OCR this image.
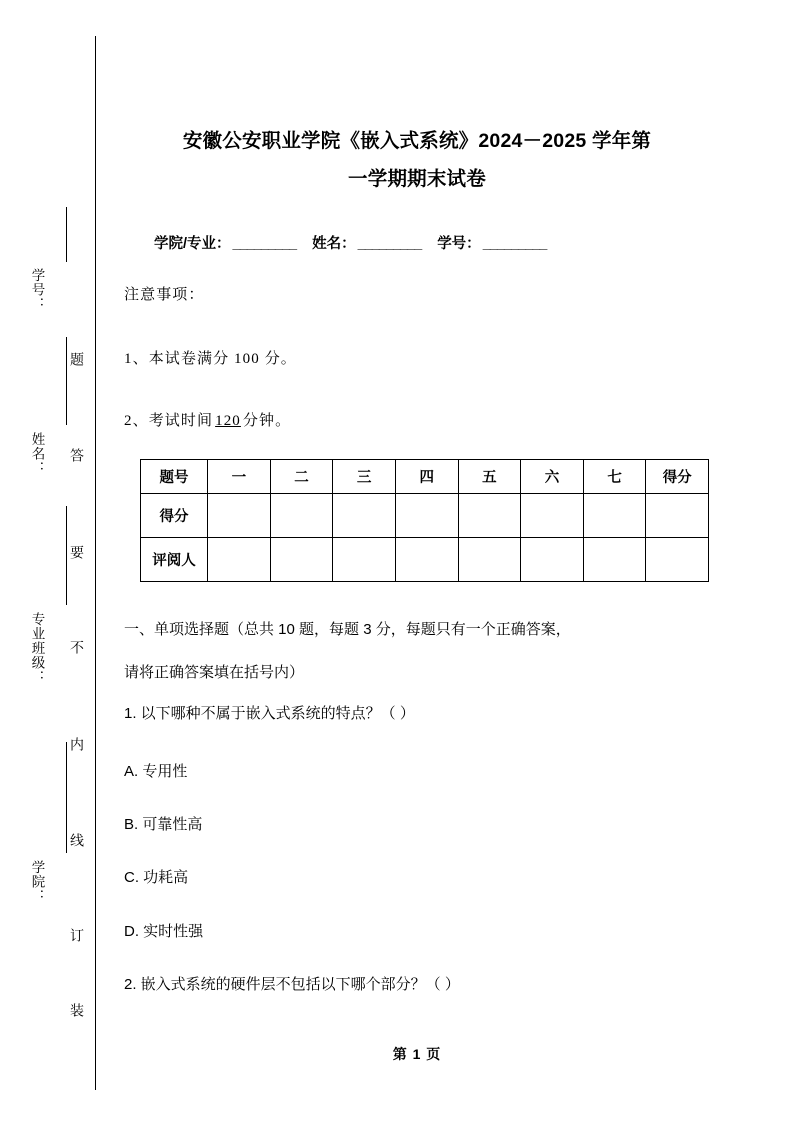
学号：
姓名：
专业班级：
学院：
题
答
要
不
内
线
订
装
安徽公安职业学院《嵌入式系统》2024－2025 学年第
一学期期末试卷
学院/专业： _________ 姓名： _________ 学号： _________
注意事项：
1、本试卷满分 100 分。
2、考试时间 120 分钟。
题号	一	二	三	四	五	六	七	得分
得分								
评阅人								
一、单项选择题（总共 10 题，每题 3 分，每题只有一个正确答案，
请将正确答案填在括号内）
1. 以下哪种不属于嵌入式系统的特点？（ ）
A. 专用性
B. 可靠性高
C. 功耗高
D. 实时性强
2. 嵌入式系统的硬件层不包括以下哪个部分？（ ）
第 1 页
